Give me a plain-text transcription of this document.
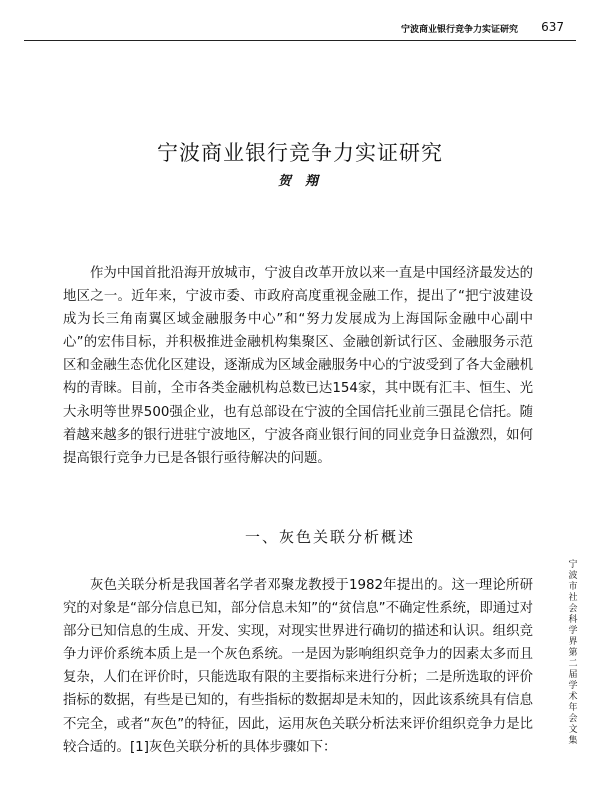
宁波商业银行竞争力实证研究 637
宁波商业银行竞争力实证研究
贺翔

作为中国首批沿海开放城市，宁波自改革开放以来一直是中国经济最发达的地区之一。近年来，宁波市委、市政府高度重视金融工作，提出了“把宁波建设成为长三角南翼区域金融服务中心”和“努力发展成为上海国际金融中心副中心”的宏伟目标，并积极推进金融机构集聚区、金融创新试行区、金融服务示范区和金融生态优化区建设，逐渐成为区域金融服务中心的宁波受到了各大金融机构的青睐。目前，全市各类金融机构总数已达154家，其中既有汇丰、恒生、光大永明等世界500强企业，也有总部设在宁波的全国信托业前三强昆仑信托。随着越来越多的银行进驻宁波地区，宁波各商业银行间的同业竞争日益激烈，如何提高银行竞争力已是各银行亟待解决的问题。

一、灰色关联分析概述

灰色关联分析是我国著名学者邓聚龙教授于1982年提出的。这一理论所研究的对象是“部分信息已知，部分信息未知”的“贫信息”不确定性系统，即通过对部分已知信息的生成、开发、实现，对现实世界进行确切的描述和认识。组织竞争力评价系统本质上是一个灰色系统。一是因为影响组织竞争力的因素太多而且复杂，人们在评价时，只能选取有限的主要指标来进行分析；二是所选取的评价指标的数据，有些是已知的，有些指标的数据却是未知的，因此该系统具有信息不完全，或者“灰色”的特征，因此，运用灰色关联分析法来评价组织竞争力是比较合适的。[1]灰色关联分析的具体步骤如下：

宁波市社会科学界第二届学术年会文集
